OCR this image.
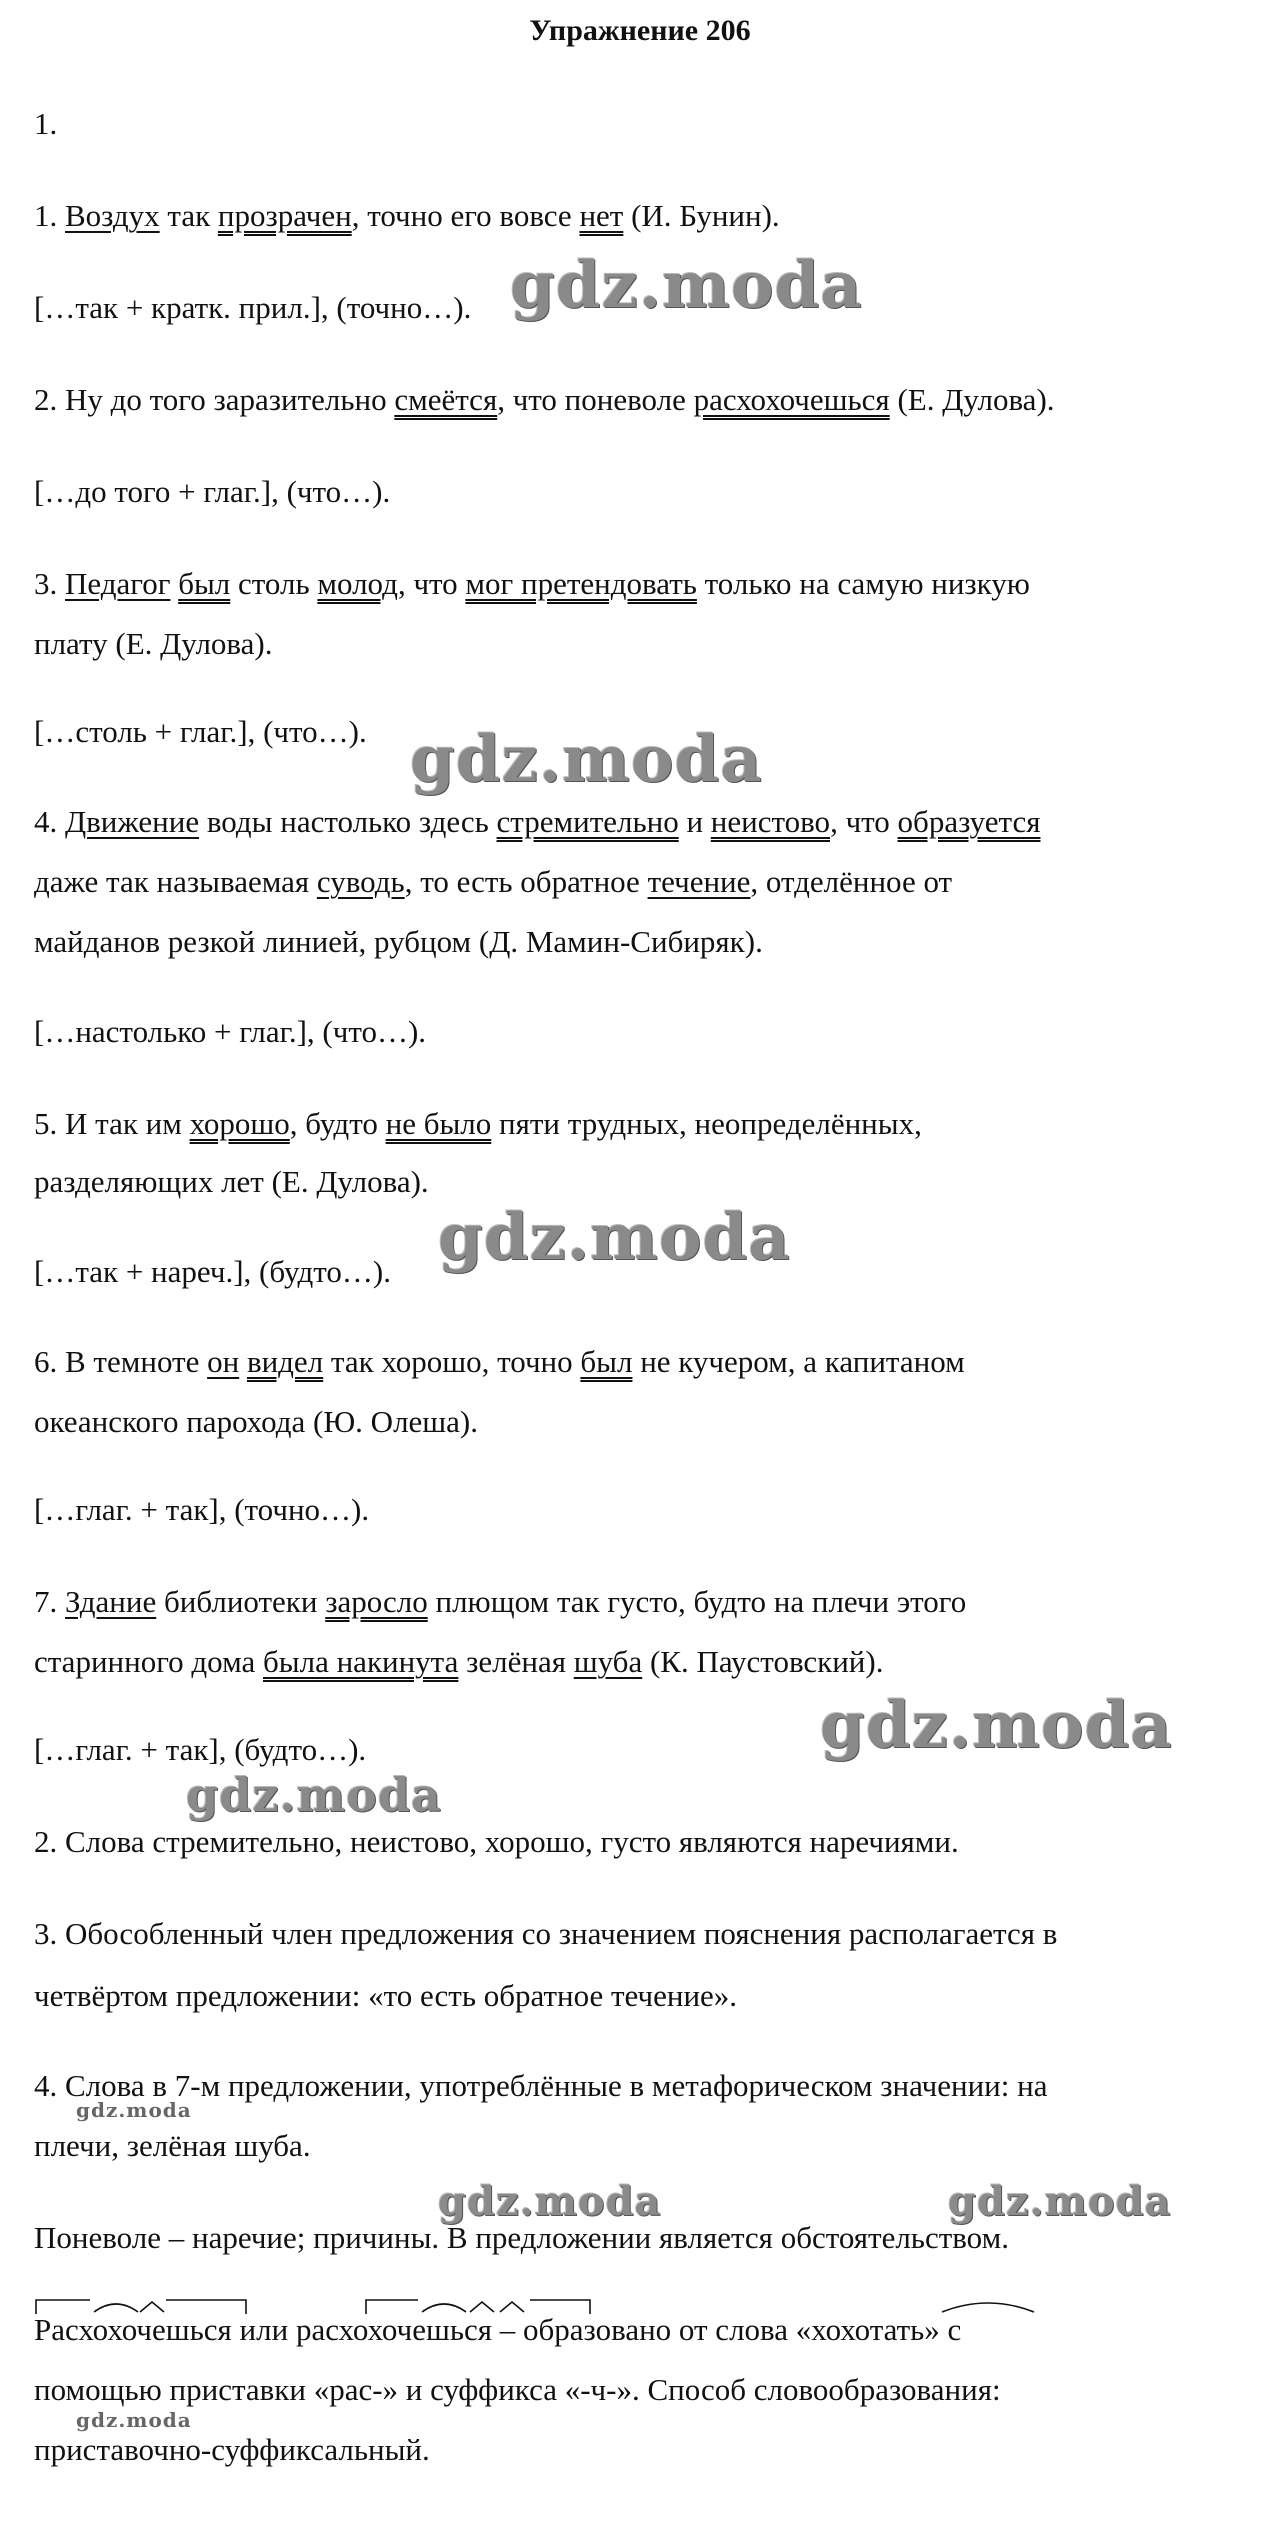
Упражнение 206
1.
1. Воздух так прозрачен, точно его вовсе нет (И. Бунин).
[…так + кратк. прил.], (точно…).
2. Ну до того заразительно смеётся, что поневоле расхохочешься (Е. Дулова).
[…до того + глаг.], (что…).
3. Педагог был столь молод, что мог претендовать только на самую низкую
плату (Е. Дулова).
[…столь + глаг.], (что…).
4. Движение воды настолько здесь стремительно и неистово, что образуется
даже так называемая суводь, то есть обратное течение, отделённое от
майданов резкой линией, рубцом (Д. Мамин-Сибиряк).
[…настолько + глаг.], (что…).
5. И так им хорошо, будто не было пяти трудных, неопределённых,
разделяющих лет (Е. Дулова).
[…так + нареч.], (будто…).
6. В темноте он видел так хорошо, точно был не кучером, а капитаном
океанского парохода (Ю. Олеша).
[…глаг. + так], (точно…).
7. Здание библиотеки заросло плющом так густо, будто на плечи этого
старинного дома была накинута зелёная шуба (К. Паустовский).
[…глаг. + так], (будто…).
2. Слова стремительно, неистово, хорошо, густо являются наречиями.
3. Обособленный член предложения со значением пояснения располагается в
четвёртом предложении: «то есть обратное течение».
4. Слова в 7-м предложении, употреблённые в метафорическом значении: на
плечи, зелёная шуба.
Поневоле – наречие; причины. В предложении является обстоятельством.
Расхохочешься или расхохочешься – образовано от слова «хохотать» с
помощью приставки «рас-» и суффикса «-ч-». Способ словообразования:
приставочно-суффиксальный.
gdz.moda
gdz.moda
gdz.moda
gdz.moda
gdz.moda
gdz.moda
gdz.moda	gdz.moda
gdz.moda
